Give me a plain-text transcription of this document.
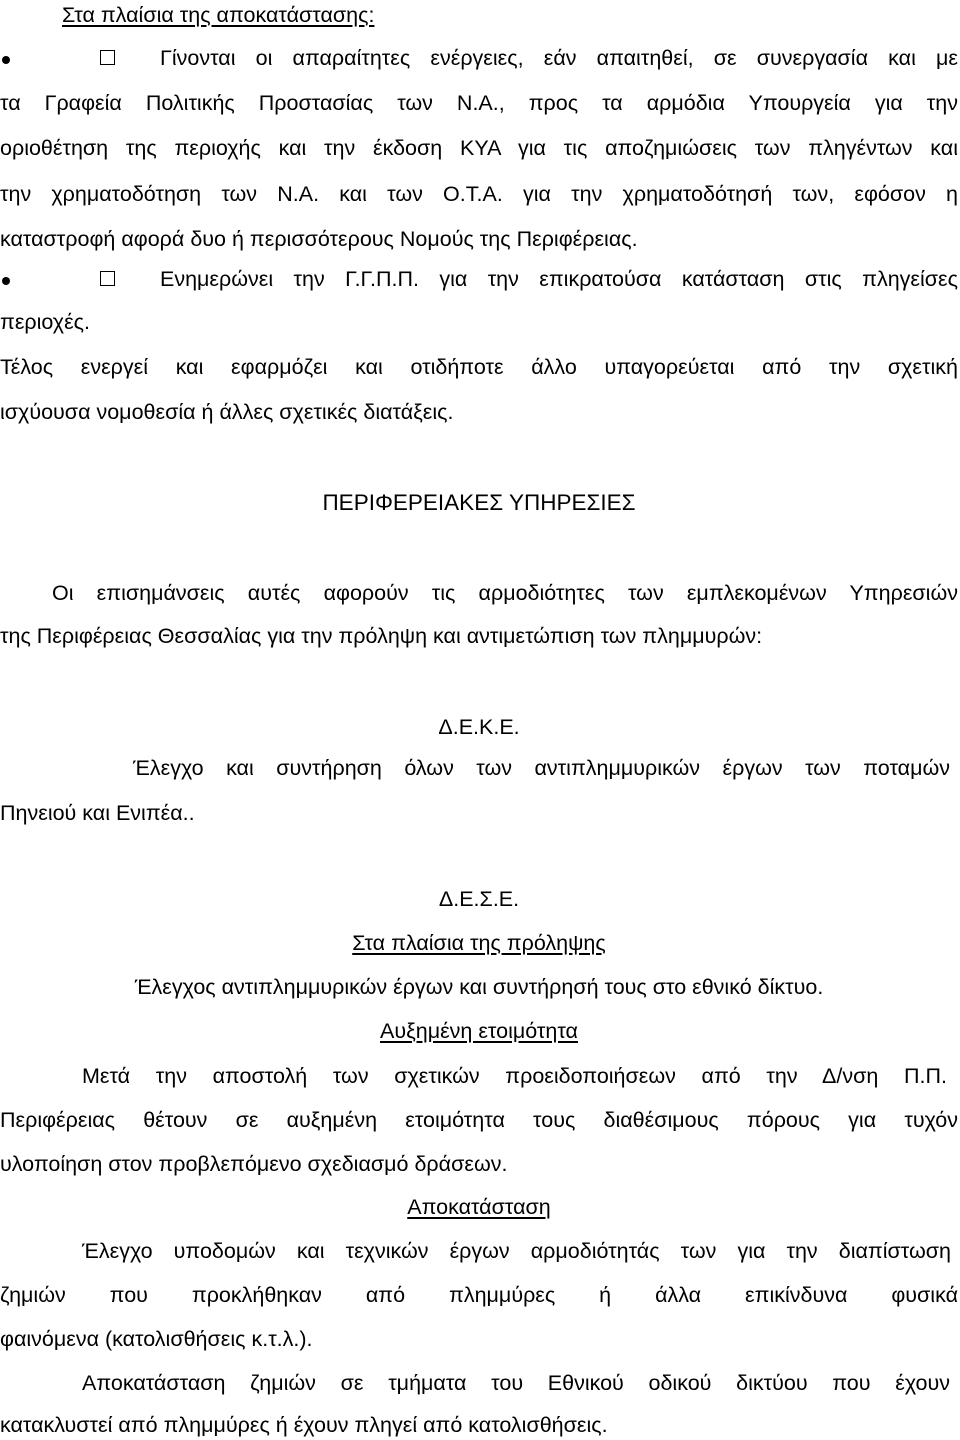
Στα πλαίσια της αποκατάστασης:
Γίνονται οι απαραίτητες ενέργειες, εάν απαιτηθεί, σε συνεργασία και με
τα Γραφεία Πολιτικής Προστασίας των Ν.Α., προς τα αρμόδια Υπουργεία για την
οριοθέτηση της περιοχής και την έκδοση ΚΥΑ για τις αποζημιώσεις των πληγέντων και
την χρηματοδότηση των Ν.Α. και των Ο.Τ.Α. για την χρηματοδότησή των, εφόσον η
καταστροφή αφορά δυο ή περισσότερους Νομούς της Περιφέρειας.
Ενημερώνει την Γ.Γ.Π.Π. για την επικρατούσα κατάσταση στις πληγείσες
περιοχές.
Τέλος ενεργεί και εφαρμόζει και οτιδήποτε άλλο υπαγορεύεται από την σχετική
ισχύουσα νομοθεσία ή άλλες σχετικές διατάξεις.
ΠΕΡΙΦΕΡΕΙΑΚΕΣ ΥΠΗΡΕΣΙΕΣ
Οι επισημάνσεις αυτές αφορούν τις αρμοδιότητες των εμπλεκομένων Υπηρεσιών
της Περιφέρειας Θεσσαλίας για την πρόληψη και αντιμετώπιση των πλημμυρών:
Δ.Ε.Κ.Ε.
Έλεγχο και συντήρηση όλων των αντιπλημμυρικών έργων των ποταμών
Πηνειού και Ενιπέα..
Δ.Ε.Σ.Ε.
Στα πλαίσια της πρόληψης
Έλεγχος αντιπλημμυρικών έργων και συντήρησή τους στο εθνικό δίκτυο.
Αυξημένη ετοιμότητα
Μετά την αποστολή των σχετικών προειδοποιήσεων από την Δ/νση Π.Π.
Περιφέρειας θέτουν σε αυξημένη ετοιμότητα τους διαθέσιμους πόρους για τυχόν
υλοποίηση στον προβλεπόμενο σχεδιασμό δράσεων.
Αποκατάσταση
Έλεγχο υποδομών και τεχνικών έργων αρμοδιότητάς των για την διαπίστωση
ζημιών που προκλήθηκαν από πλημμύρες ή άλλα επικίνδυνα φυσικά
φαινόμενα (κατολισθήσεις κ.τ.λ.).
Αποκατάσταση ζημιών σε τμήματα του Εθνικού οδικού δικτύου που έχουν
κατακλυστεί από πλημμύρες ή έχουν πληγεί από κατολισθήσεις.
